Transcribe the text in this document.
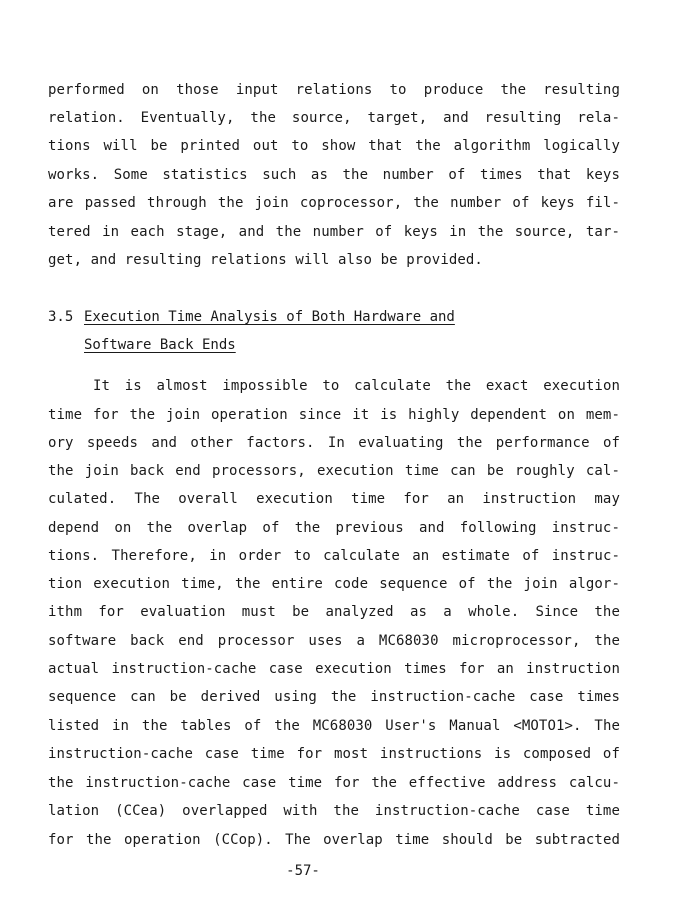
performed on those input relations to produce the resulting
relation. Eventually, the source, target, and resulting rela-
tions will be printed out to show that the algorithm logically
works. Some statistics such as the number of times that keys
are passed through the join coprocessor, the number of keys fil-
tered in each stage, and the number of keys in the source, tar-
get, and resulting relations will also be provided.
3.5 Execution Time Analysis of Both Hardware and
Software Back Ends
It is almost impossible to calculate the exact execution
time for the join operation since it is highly dependent on mem-
ory speeds and other factors. In evaluating the performance of
the join back end processors, execution time can be roughly cal-
culated. The overall execution time for an instruction may
depend on the overlap of the previous and following instruc-
tions. Therefore, in order to calculate an estimate of instruc-
tion execution time, the entire code sequence of the join algor-
ithm for evaluation must be analyzed as a whole. Since the
software back end processor uses a MC68030 microprocessor, the
actual instruction-cache case execution times for an instruction
sequence can be derived using the instruction-cache case times
listed in the tables of the MC68030 User's Manual <MOTO1>. The
instruction-cache case time for most instructions is composed of
the instruction-cache case time for the effective address calcu-
lation (CCea) overlapped with the instruction-cache case time
for the operation (CCop). The overlap time should be subtracted
-57-
